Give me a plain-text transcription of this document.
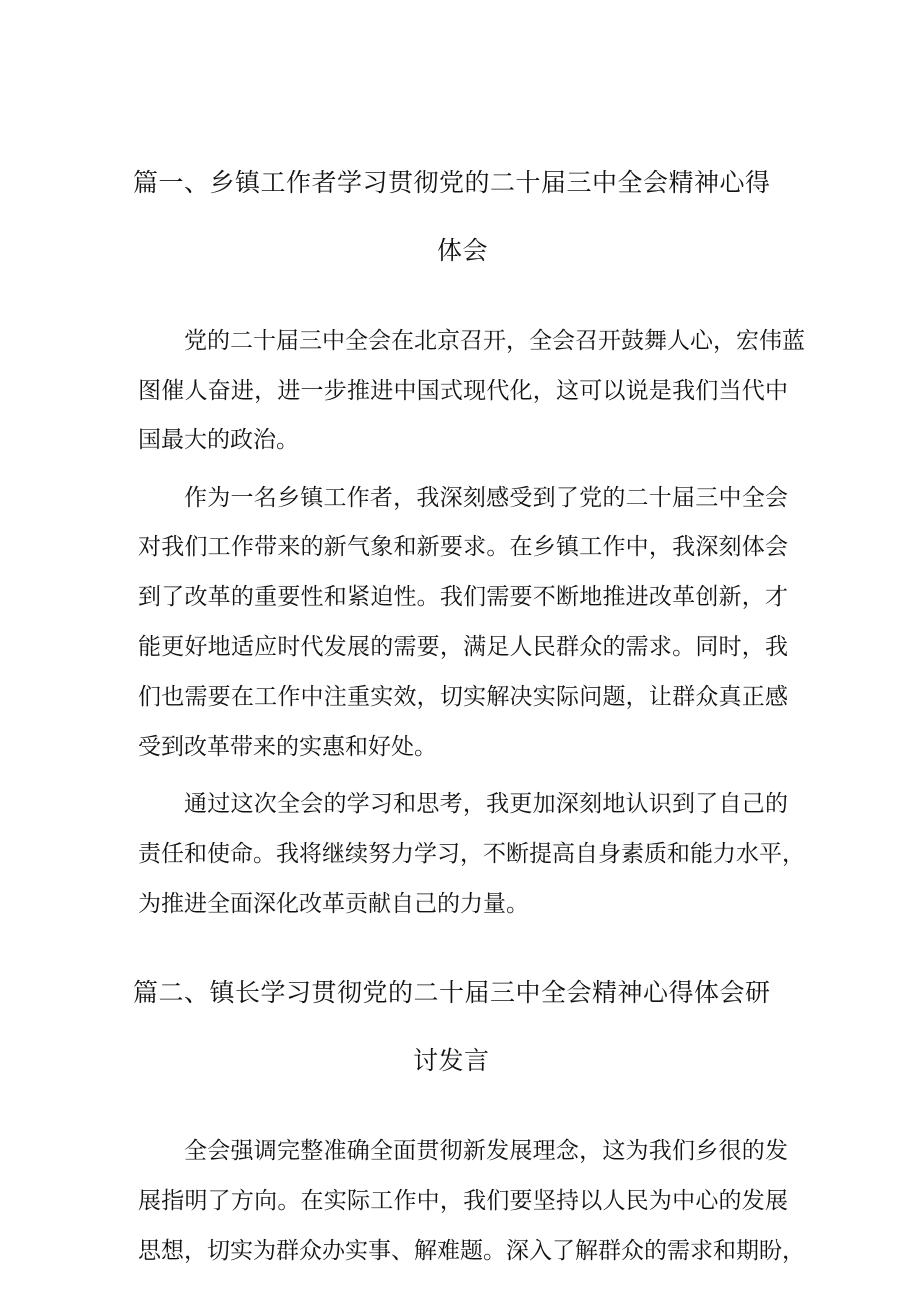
篇一、乡镇工作者学习贯彻党的二十届三中全会精神心得
体会
党的二十届三中全会在北京召开，全会召开鼓舞人心，宏伟蓝
图催人奋进，进一步推进中国式现代化，这可以说是我们当代中
国最大的政治。
作为一名乡镇工作者，我深刻感受到了党的二十届三中全会
对我们工作带来的新气象和新要求。在乡镇工作中，我深刻体会
到了改革的重要性和紧迫性。我们需要不断地推进改革创新，才
能更好地适应时代发展的需要，满足人民群众的需求。同时，我
们也需要在工作中注重实效，切实解决实际问题，让群众真正感
受到改革带来的实惠和好处。
通过这次全会的学习和思考，我更加深刻地认识到了自己的
责任和使命。我将继续努力学习，不断提高自身素质和能力水平，
为推进全面深化改革贡献自己的力量。
篇二、镇长学习贯彻党的二十届三中全会精神心得体会研
讨发言
全会强调完整准确全面贯彻新发展理念，这为我们乡很的发
展指明了方向。在实际工作中，我们要坚持以人民为中心的发展
思想，切实为群众办实事、解难题。深入了解群众的需求和期盼，
